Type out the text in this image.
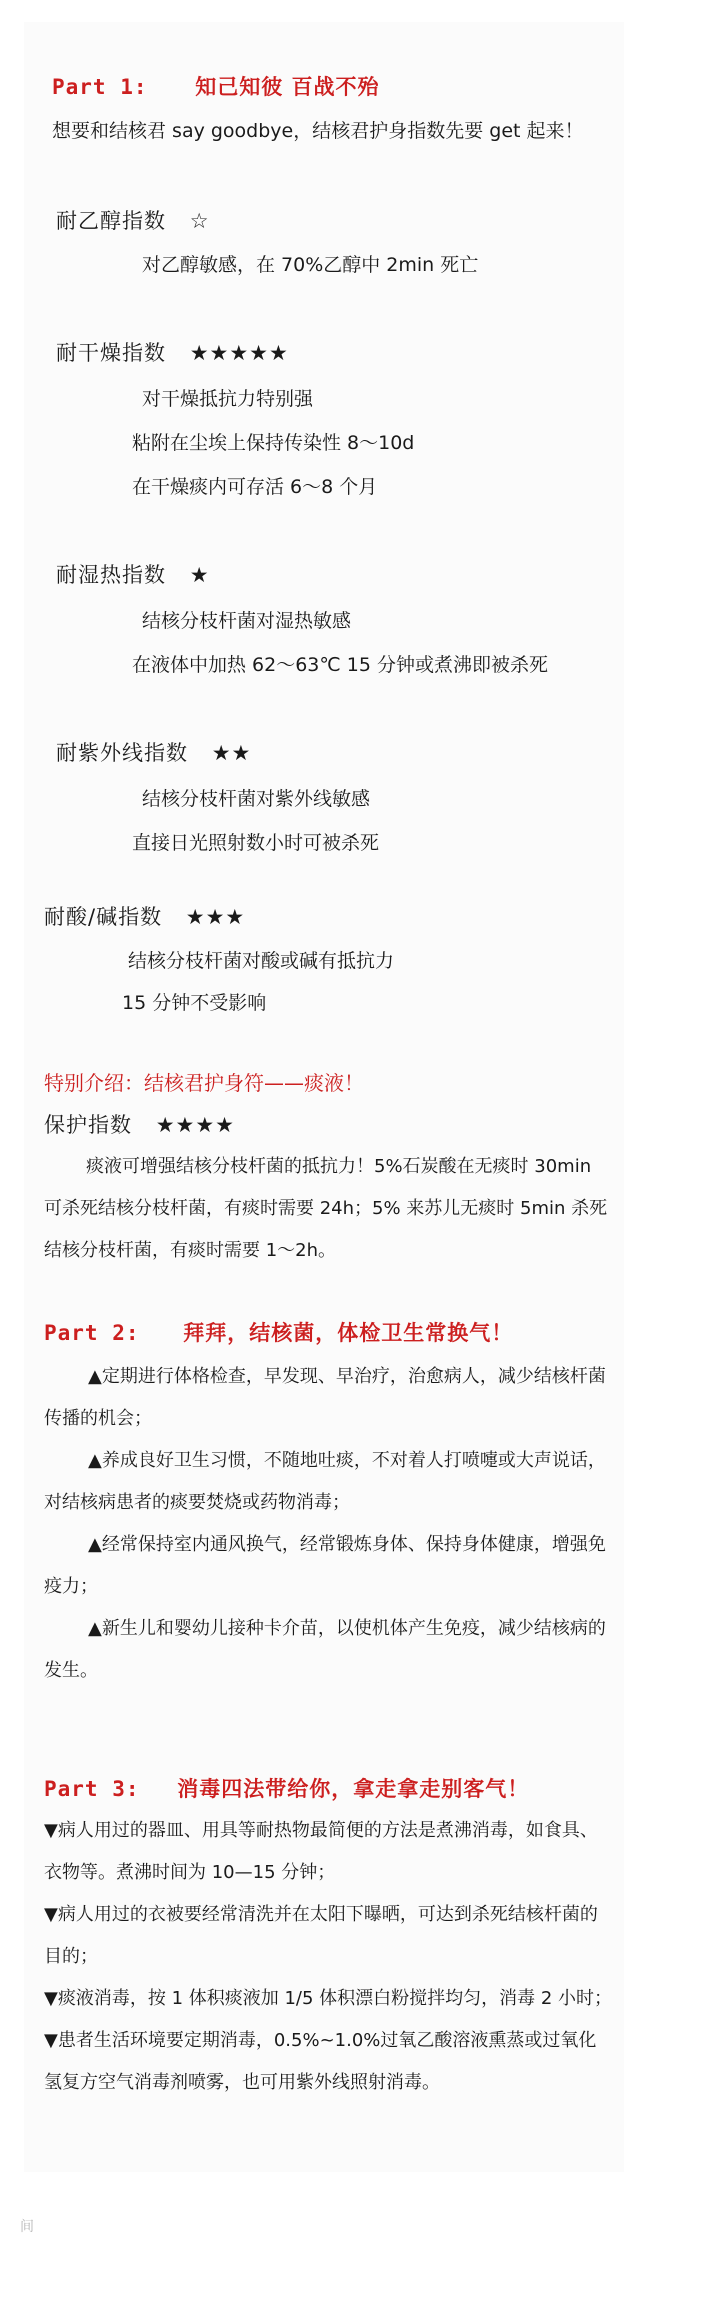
Part 1: 知己知彼 百战不殆
想要和结核君 say goodbye，结核君护身指数先要 get 起来！
耐乙醇指数 ☆
对乙醇敏感，在 70%乙醇中 2min 死亡
耐干燥指数 ★★★★★
对干燥抵抗力特别强
粘附在尘埃上保持传染性 8～10d
在干燥痰内可存活 6～8 个月
耐湿热指数 ★
结核分枝杆菌对湿热敏感
在液体中加热 62～63℃ 15 分钟或煮沸即被杀死
耐紫外线指数 ★★
结核分枝杆菌对紫外线敏感
直接日光照射数小时可被杀死
耐酸/碱指数 ★★★
结核分枝杆菌对酸或碱有抵抗力
15 分钟不受影响
特别介绍：结核君护身符——痰液！
保护指数 ★★★★
痰液可增强结核分枝杆菌的抵抗力！5%石炭酸在无痰时 30min 可杀死结核分枝杆菌，有痰时需要 24h；5% 来苏儿无痰时 5min 杀死结核分枝杆菌，有痰时需要 1～2h。
Part 2: 拜拜，结核菌，体检卫生常换气！
▲定期进行体格检查，早发现、早治疗，治愈病人，减少结核杆菌传播的机会；
▲养成良好卫生习惯，不随地吐痰，不对着人打喷嚏或大声说话，对结核病患者的痰要焚烧或药物消毒；
▲经常保持室内通风换气，经常锻炼身体、保持身体健康，增强免疫力；
▲新生儿和婴幼儿接种卡介苗，以使机体产生免疫，减少结核病的发生。
Part 3: 消毒四法带给你，拿走拿走别客气！
▼病人用过的器皿、用具等耐热物最简便的方法是煮沸消毒，如食具、衣物等。煮沸时间为 10—15 分钟；
▼病人用过的衣被要经常清洗并在太阳下曝晒，可达到杀死结核杆菌的目的；
▼痰液消毒，按 1 体积痰液加 1/5 体积漂白粉搅拌均匀，消毒 2 小时；
▼患者生活环境要定期消毒，0.5%~1.0%过氧乙酸溶液熏蒸或过氧化氢复方空气消毒剂喷雾，也可用紫外线照射消毒。
间
